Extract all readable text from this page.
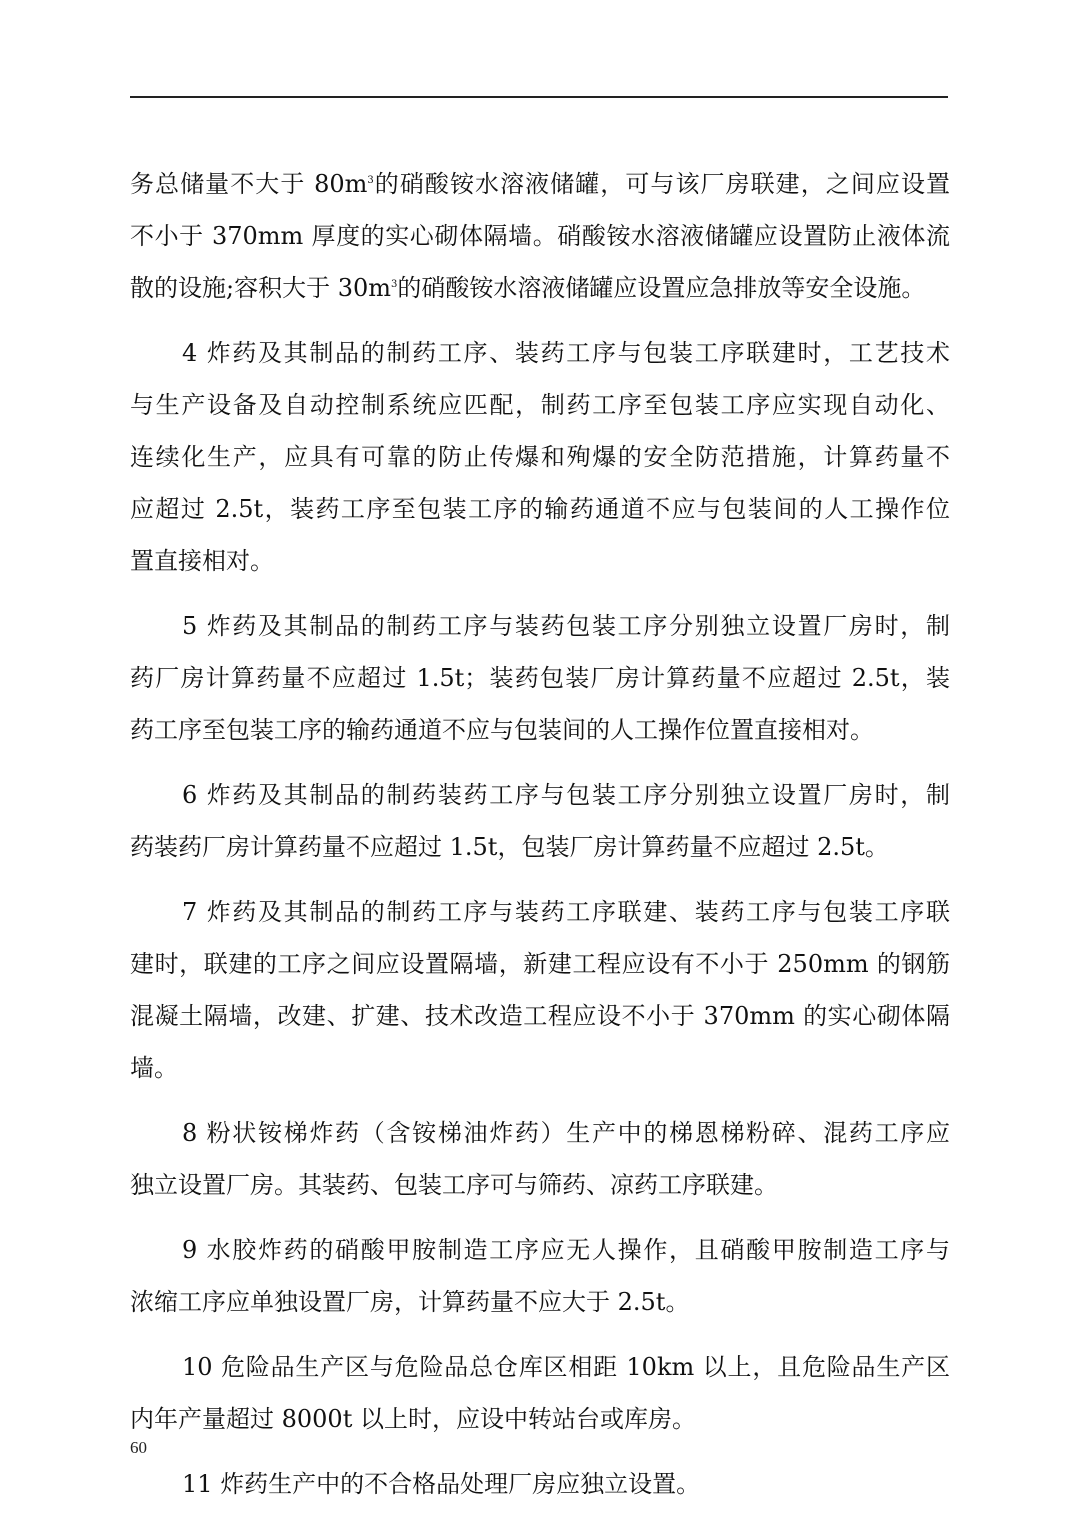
务总储量不大于 $80m^3$的硝酸铵水溶液储罐，可与该厂房联建，之间应设置
不小于 370mm 厚度的实心砌体隔墙。硝酸铵水溶液储罐应设置防止液体流
散的设施;容积大于 $30m^3$的硝酸铵水溶液储罐应设置应急排放等安全设施。
4 炸药及其制品的制药工序、装药工序与包装工序联建时，工艺技术
与生产设备及自动控制系统应匹配，制药工序至包装工序应实现自动化、
连续化生产，应具有可靠的防止传爆和殉爆的安全防范措施，计算药量不
应超过 2.5t，装药工序至包装工序的输药通道不应与包装间的人工操作位
置直接相对。
5 炸药及其制品的制药工序与装药包装工序分别独立设置厂房时，制
药厂房计算药量不应超过 1.5t；装药包装厂房计算药量不应超过 2.5t，装
药工序至包装工序的输药通道不应与包装间的人工操作位置直接相对。
6 炸药及其制品的制药装药工序与包装工序分别独立设置厂房时，制
药装药厂房计算药量不应超过 1.5t，包装厂房计算药量不应超过 2.5t。
7 炸药及其制品的制药工序与装药工序联建、装药工序与包装工序联
建时，联建的工序之间应设置隔墙，新建工程应设有不小于 250mm 的钢筋
混凝土隔墙，改建、扩建、技术改造工程应设不小于 370mm 的实心砌体隔
墙。
8 粉状铵梯炸药（含铵梯油炸药）生产中的梯恩梯粉碎、混药工序应
独立设置厂房。其装药、包装工序可与筛药、凉药工序联建。
9 水胶炸药的硝酸甲胺制造工序应无人操作，且硝酸甲胺制造工序与
浓缩工序应单独设置厂房，计算药量不应大于 2.5t。
10 危险品生产区与危险品总仓库区相距 10km 以上，且危险品生产区
内年产量超过 8000t 以上时，应设中转站台或库房。
11 炸药生产中的不合格品处理厂房应独立设置。
60
